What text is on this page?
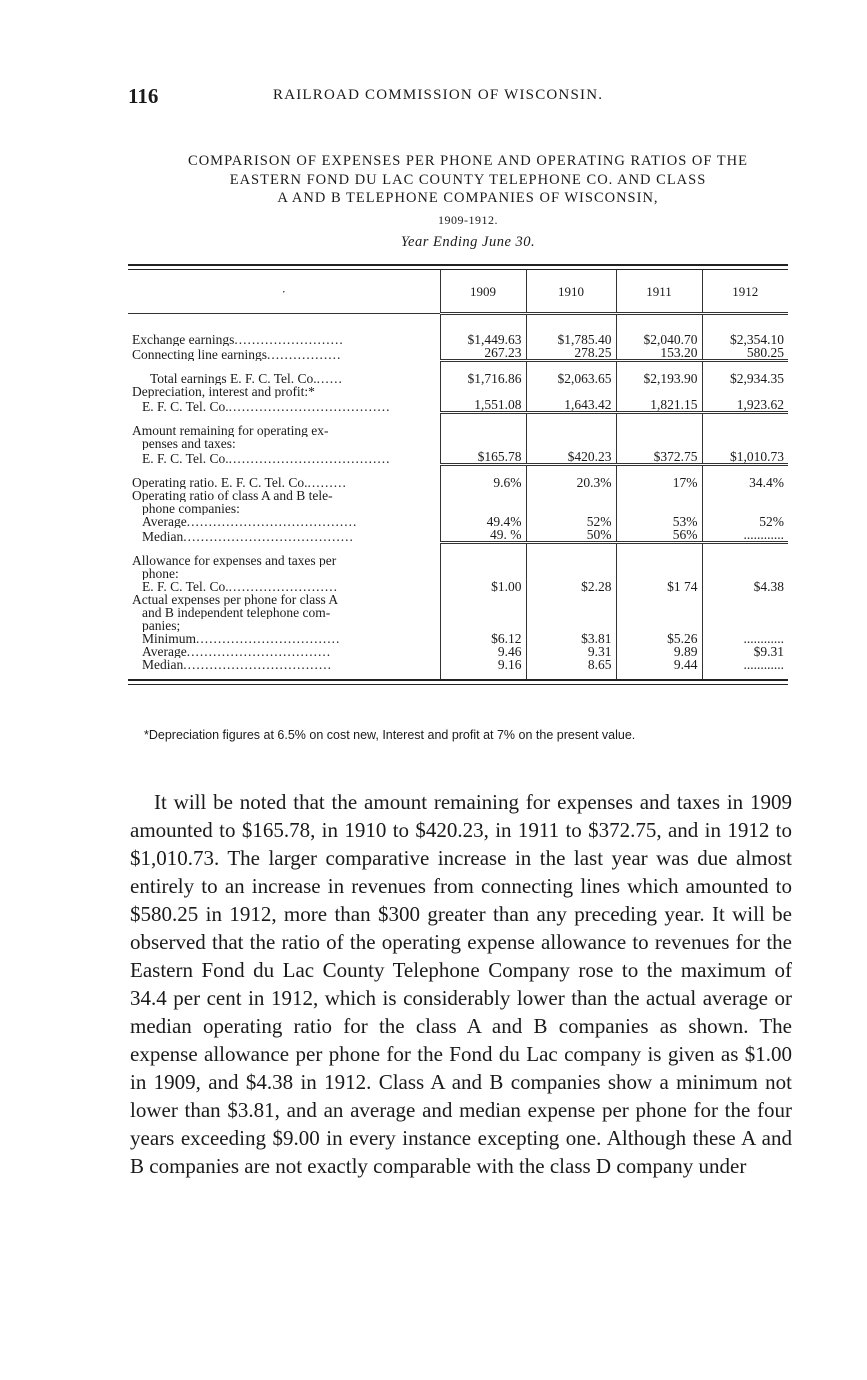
116	RAILROAD COMMISSION OF WISCONSIN.
COMPARISON OF EXPENSES PER PHONE AND OPERATING RATIOS OF THE
EASTERN FOND DU LAC COUNTY TELEPHONE CO. AND CLASS
A AND B TELEPHONE COMPANIES OF WISCONSIN,
1909-1912.
Year Ending June 30.
·	1909	1910	1911	1912

Exchange earnings.........................	$1,449.63	$1,785.40	$2,040.70	$2,354.10
Connecting line earnings.................	267.23	278.25	153.20	580.25

Total earnings E. F. C. Tel. Co.......	$1,716.86	$2,063.65	$2,193.90	$2,934.35
Depreciation, interest and profit:*				
E. F. C. Tel. Co......................................	1,551.08	1,643.42	1,821.15	1,923.62

Amount remaining for operating ex-				
penses and taxes:				
E. F. C. Tel. Co......................................	$165.78	$420.23	$372.75	$1,010.73

Operating ratio. E. F. C. Tel. Co..........	9.6%	20.3%	17%	34.4%
Operating ratio of class A and B tele-				
phone companies:				
Average.......................................	49.4%	52%	53%	52%
Median.......................................	49. %	50%	56%	............

Allowance for expenses and taxes per				
phone:				
E. F. C. Tel. Co..........................	$1.00	$2.28	$1 74	$4.38
Actual expenses per phone for class A				
and B independent telephone com-				
panies;				
Minimum.................................	$6.12	$3.81	$5.26	............
Average.................................	9.46	9.31	9.89	$9.31
Median..................................	9.16	8.65	9.44	............

*Depreciation figures at 6.5% on cost new, Interest and profit at 7% on the present value.

It will be noted that the amount remaining for expenses and taxes in 1909 amounted to $165.78, in 1910 to $420.23, in 1911 to $372.75, and in 1912 to $1,010.73. The larger comparative increase in the last year was due almost entirely to an increase in revenues from connecting lines which amounted to $580.25 in 1912, more than $300 greater than any preceding year. It will be observed that the ratio of the operating expense allowance to revenues for the Eastern Fond du Lac County Telephone Company rose to the maximum of 34.4 per cent in 1912, which is considerably lower than the actual average or median operating ratio for the class A and B companies as shown. The expense allowance per phone for the Fond du Lac company is given as $1.00 in 1909, and $4.38 in 1912. Class A and B companies show a minimum not lower than $3.81, and an average and median expense per phone for the four years exceeding $9.00 in every instance excepting one. Although these A and B companies are not exactly comparable with the class D company under
